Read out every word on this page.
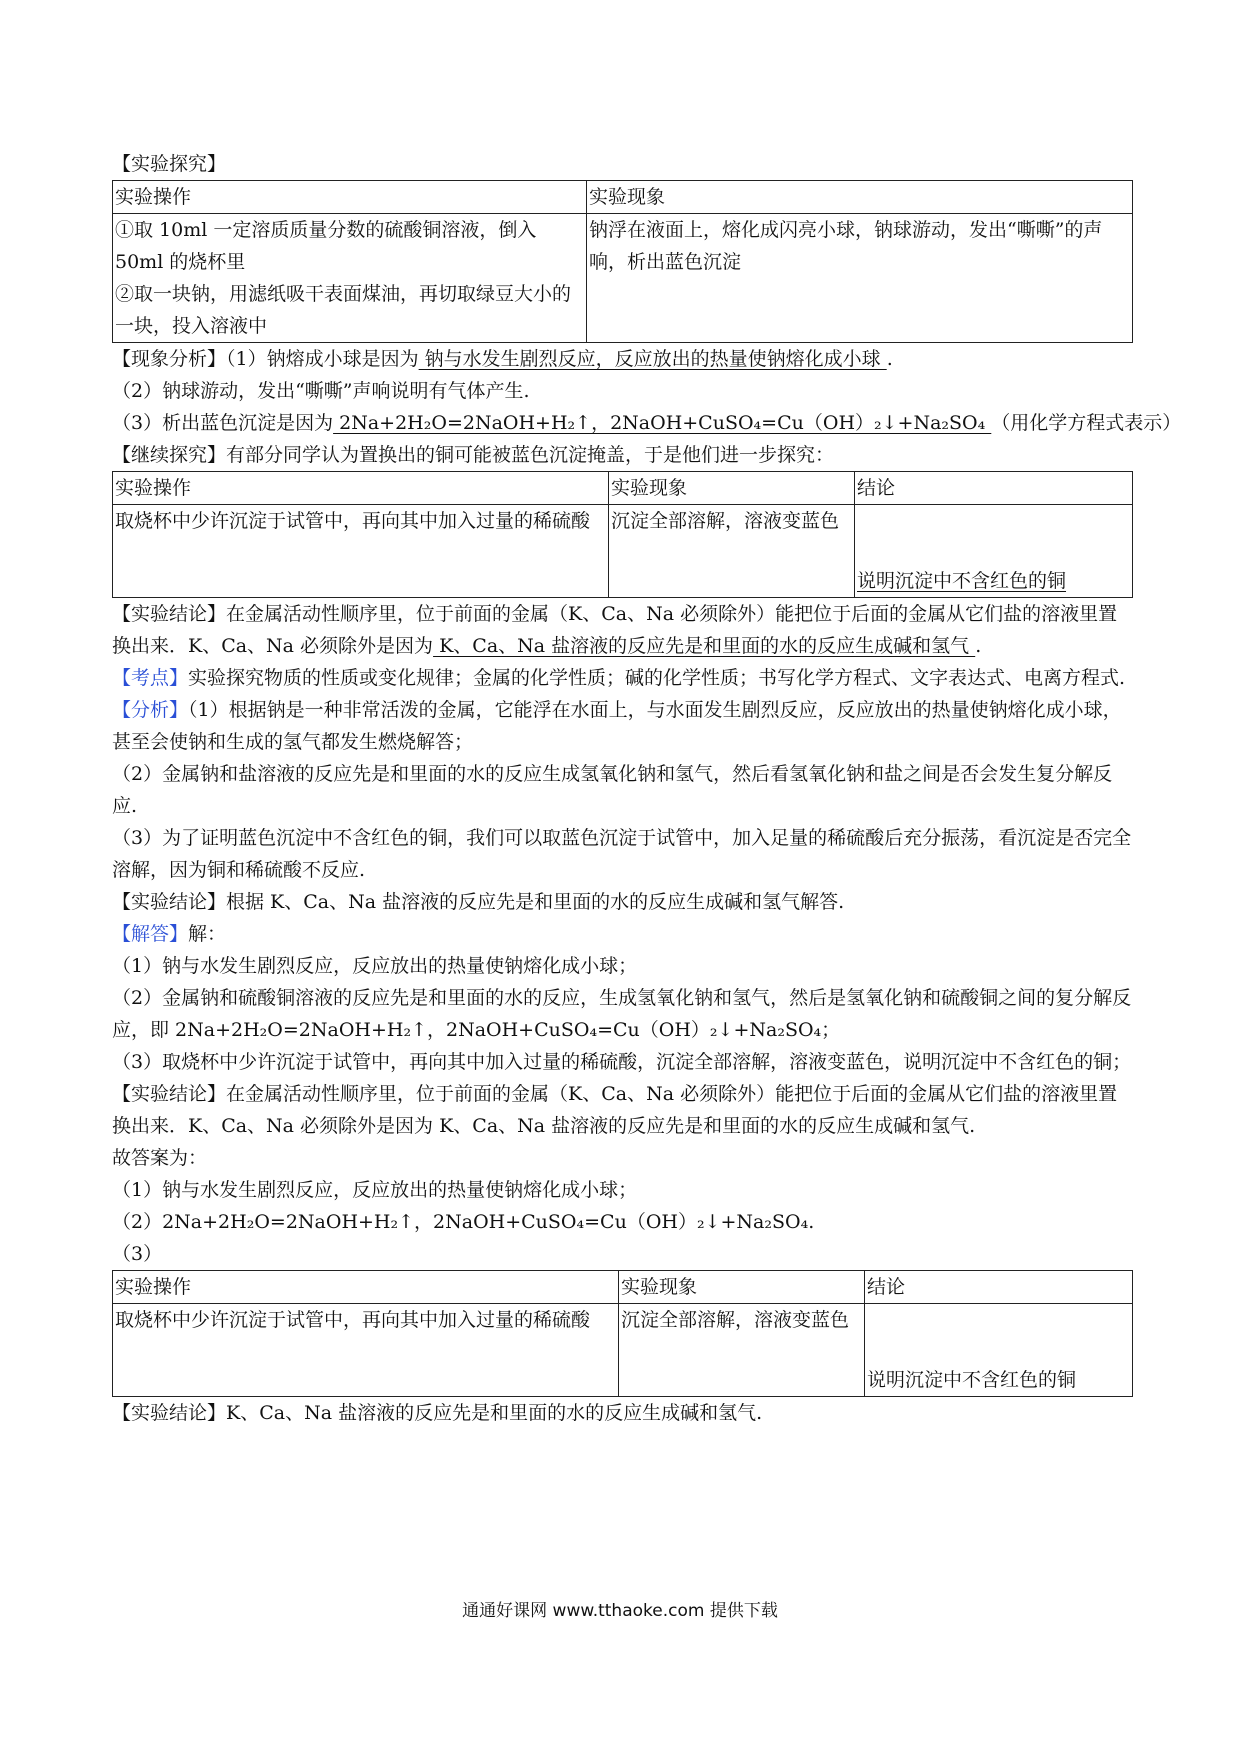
【实验探究】

实验操作	实验现象

①取 10ml 一定溶质质量分数的硫酸铜溶液，倒入 50ml 的烧杯里
②取一块钠，用滤纸吸干表面煤油，再切取绿豆大小的一块，投入溶液中	钠浮在液面上，熔化成闪亮小球，钠球游动，发出“嘶嘶”的声响，析出蓝色沉淀

【现象分析】（1）钠熔成小球是因为 钠与水发生剧烈反应，反应放出的热量使钠熔化成小球 .

（2）钠球游动，发出“嘶嘶”声响说明有气体产生.

（3）析出蓝色沉淀是因为 2Na+2H₂O=2NaOH+H₂↑，2NaOH+CuSO₄=Cu（OH）₂↓+Na₂SO₄ （用化学方程式表示）

【继续探究】有部分同学认为置换出的铜可能被蓝色沉淀掩盖，于是他们进一步探究：

实验操作	实验现象	结论
取烧杯中少许沉淀于试管中，再向其中加入过量的稀硫酸	沉淀全部溶解，溶液变蓝色	说明沉淀中不含红色的铜

【实验结论】在金属活动性顺序里，位于前面的金属（K、Ca、Na 必须除外）能把位于后面的金属从它们盐的溶液里置换出来．K、Ca、Na 必须除外是因为 K、Ca、Na 盐溶液的反应先是和里面的水的反应生成碱和氢气 .

【考点】实验探究物质的性质或变化规律；金属的化学性质；碱的化学性质；书写化学方程式、文字表达式、电离方程式.

【分析】（1）根据钠是一种非常活泼的金属，它能浮在水面上，与水面发生剧烈反应，反应放出的热量使钠熔化成小球，甚至会使钠和生成的氢气都发生燃烧解答；

（2）金属钠和盐溶液的反应先是和里面的水的反应生成氢氧化钠和氢气，然后看氢氧化钠和盐之间是否会发生复分解反应.

（3）为了证明蓝色沉淀中不含红色的铜，我们可以取蓝色沉淀于试管中，加入足量的稀硫酸后充分振荡，看沉淀是否完全溶解，因为铜和稀硫酸不反应.

【实验结论】根据 K、Ca、Na 盐溶液的反应先是和里面的水的反应生成碱和氢气解答.

【解答】解：

（1）钠与水发生剧烈反应，反应放出的热量使钠熔化成小球；

（2）金属钠和硫酸铜溶液的反应先是和里面的水的反应，生成氢氧化钠和氢气，然后是氢氧化钠和硫酸铜之间的复分解反应，即 2Na+2H₂O=2NaOH+H₂↑，2NaOH+CuSO₄=Cu（OH）₂↓+Na₂SO₄；

（3）取烧杯中少许沉淀于试管中，再向其中加入过量的稀硫酸，沉淀全部溶解，溶液变蓝色，说明沉淀中不含红色的铜；

【实验结论】在金属活动性顺序里，位于前面的金属（K、Ca、Na 必须除外）能把位于后面的金属从它们盐的溶液里置换出来．K、Ca、Na 必须除外是因为 K、Ca、Na 盐溶液的反应先是和里面的水的反应生成碱和氢气.

故答案为：

（1）钠与水发生剧烈反应，反应放出的热量使钠熔化成小球；

（2）2Na+2H₂O=2NaOH+H₂↑，2NaOH+CuSO₄=Cu（OH）₂↓+Na₂SO₄.

（3）

实验操作	实验现象	结论
取烧杯中少许沉淀于试管中，再向其中加入过量的稀硫酸	沉淀全部溶解，溶液变蓝色	说明沉淀中不含红色的铜

【实验结论】K、Ca、Na 盐溶液的反应先是和里面的水的反应生成碱和氢气.

通通好课网 www.tthaoke.com 提供下载
